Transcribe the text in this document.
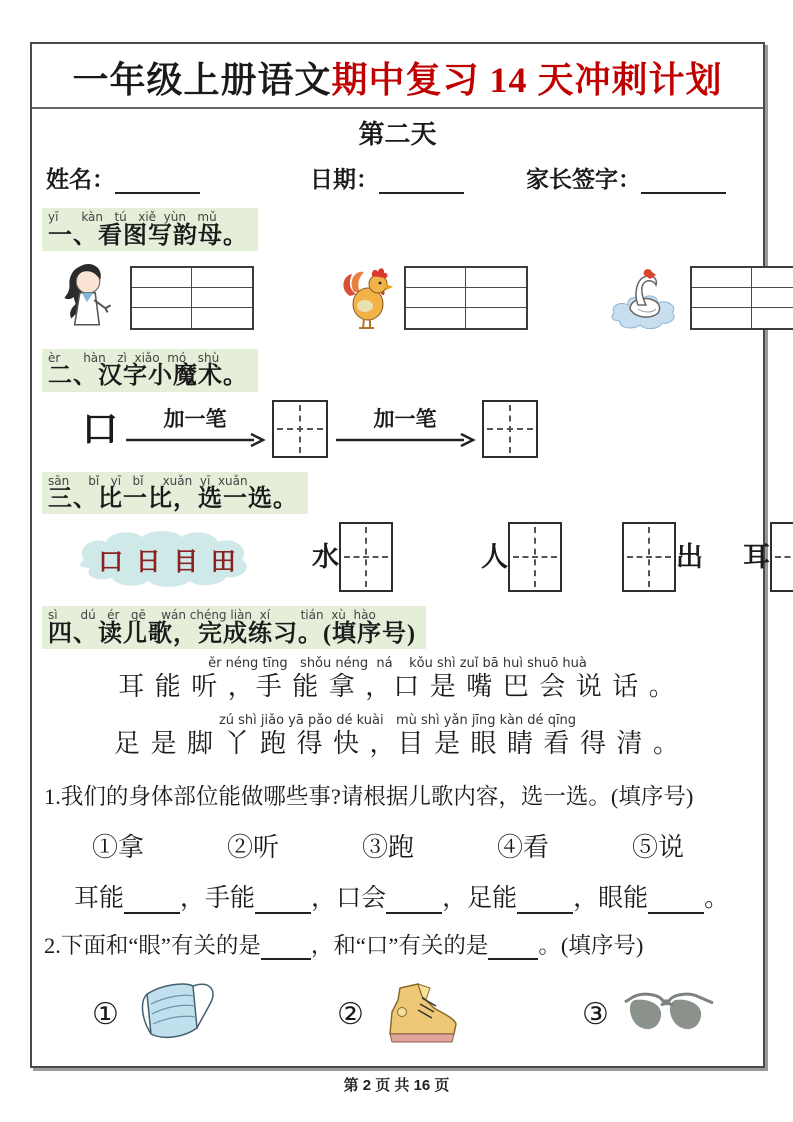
一年级上册语文期中复习 14 天冲刺计划
第二天
姓名：	日期：	家长签字：
yī      kàn   tú   xiě  yùn   mǔ
一、看图写韵母。
èr      hàn   zì  xiǎo  mó   shù
二、汉字小魔术。
口 加一笔	加一笔
sān     bǐ   yī   bǐ     xuǎn  yī  xuǎn
三、比一比，选一选。
口  日  目  田	水	人	出 耳
sì      dú   ér   gē    wán chéng liàn  xí        tián  xù  hào
四、读儿歌，完成练习。(填序号)
ěr néng tīng   shǒu néng  ná    kǒu shì zuǐ bā huì shuō huà
耳 能 听 ，手 能 拿 ，口 是 嘴 巴 会 说 话 。
zú shì jiǎo yā pǎo dé kuài   mù shì yǎn jīng kàn dé qīng
足 是 脚 丫 跑 得 快 ，目 是 眼 睛 看 得 清 。
1.我们的身体部位能做哪些事?请根据儿歌内容，选一选。(填序号)
①拿	②听	③跑	④看	⑤说
耳能 ，手能 ，口会 ，足能 ，眼能 。
2.下面和“眼”有关的是 ，和“口”有关的是 。(填序号)
①	②	③
第 2 页 共 16 页
